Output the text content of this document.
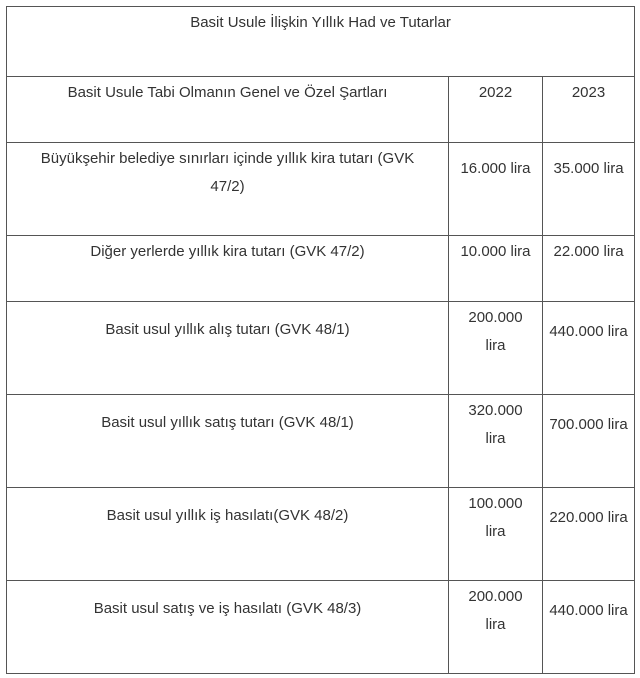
Basit Usule İlişkin Yıllık Had ve Tutarlar		
Basit Usule Tabi Olmanın Genel ve Özel Şartları	2022	2023
Büyükşehir belediye sınırları içinde yıllık kira tutarı (GVK 47/2)	16.000 lira	35.000 lira
Diğer yerlerde yıllık kira tutarı (GVK 47/2)	10.000 lira	22.000 lira
Basit usul yıllık alış tutarı (GVK 48/1)	200.000 lira	440.000 lira
Basit usul yıllık satış tutarı (GVK 48/1)	320.000 lira	700.000 lira
Basit usul yıllık iş hasılatı(GVK 48/2)	100.000 lira	220.000 lira
Basit usul satış ve iş hasılatı (GVK 48/3)	200.000 lira	440.000 lira
